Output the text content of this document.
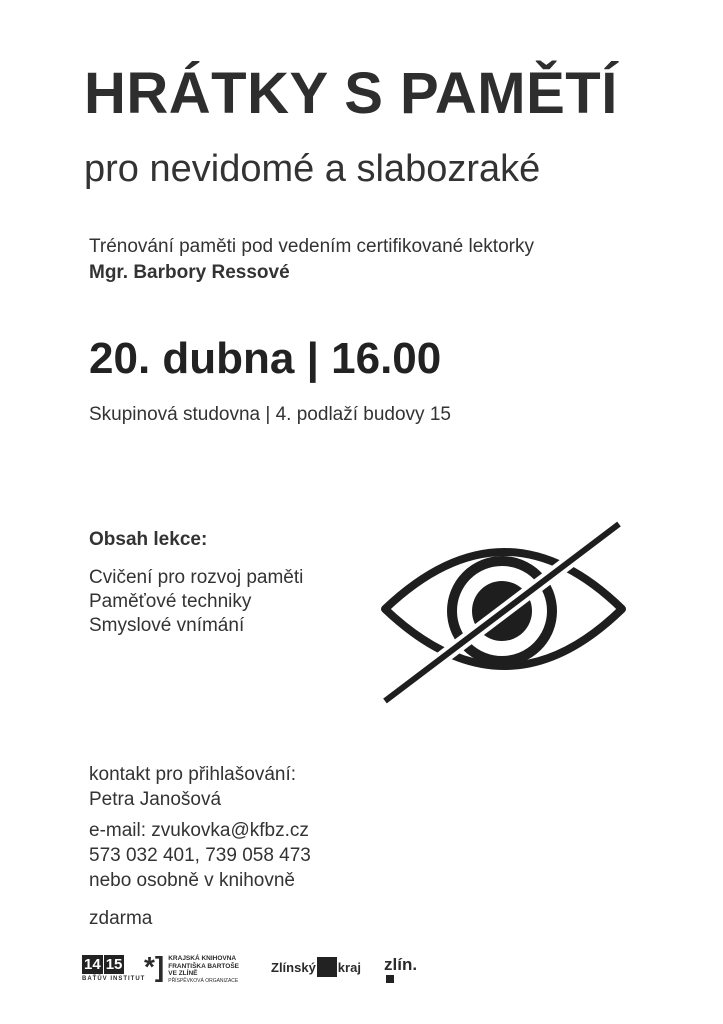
HRÁTKY S PAMĚTÍ
pro nevidomé a slabozraké
Trénování paměti pod vedením certifikované lektorky
Mgr. Barbory Ressové
20. dubna | 16.00
Skupinová studovna | 4. podlaží budovy 15
Obsah lekce:
Cvičení pro rozvoj paměti
Paměťové techniky
Smyslové vnímání
kontakt pro přihlašování:
Petra Janošová
e-mail: zvukovka@kfbz.cz
573 032 401, 739 058 473
nebo osobně v knihovně
zdarma
14 15
BAŤŮV INSTITUT
*] KRAJSKÁ KNIHOVNA
FRANTIŠKA BARTOŠE
VE ZLÍNĚ
PŘÍSPĚVKOVÁ ORGANIZACE
Zlínský kraj zlín.
